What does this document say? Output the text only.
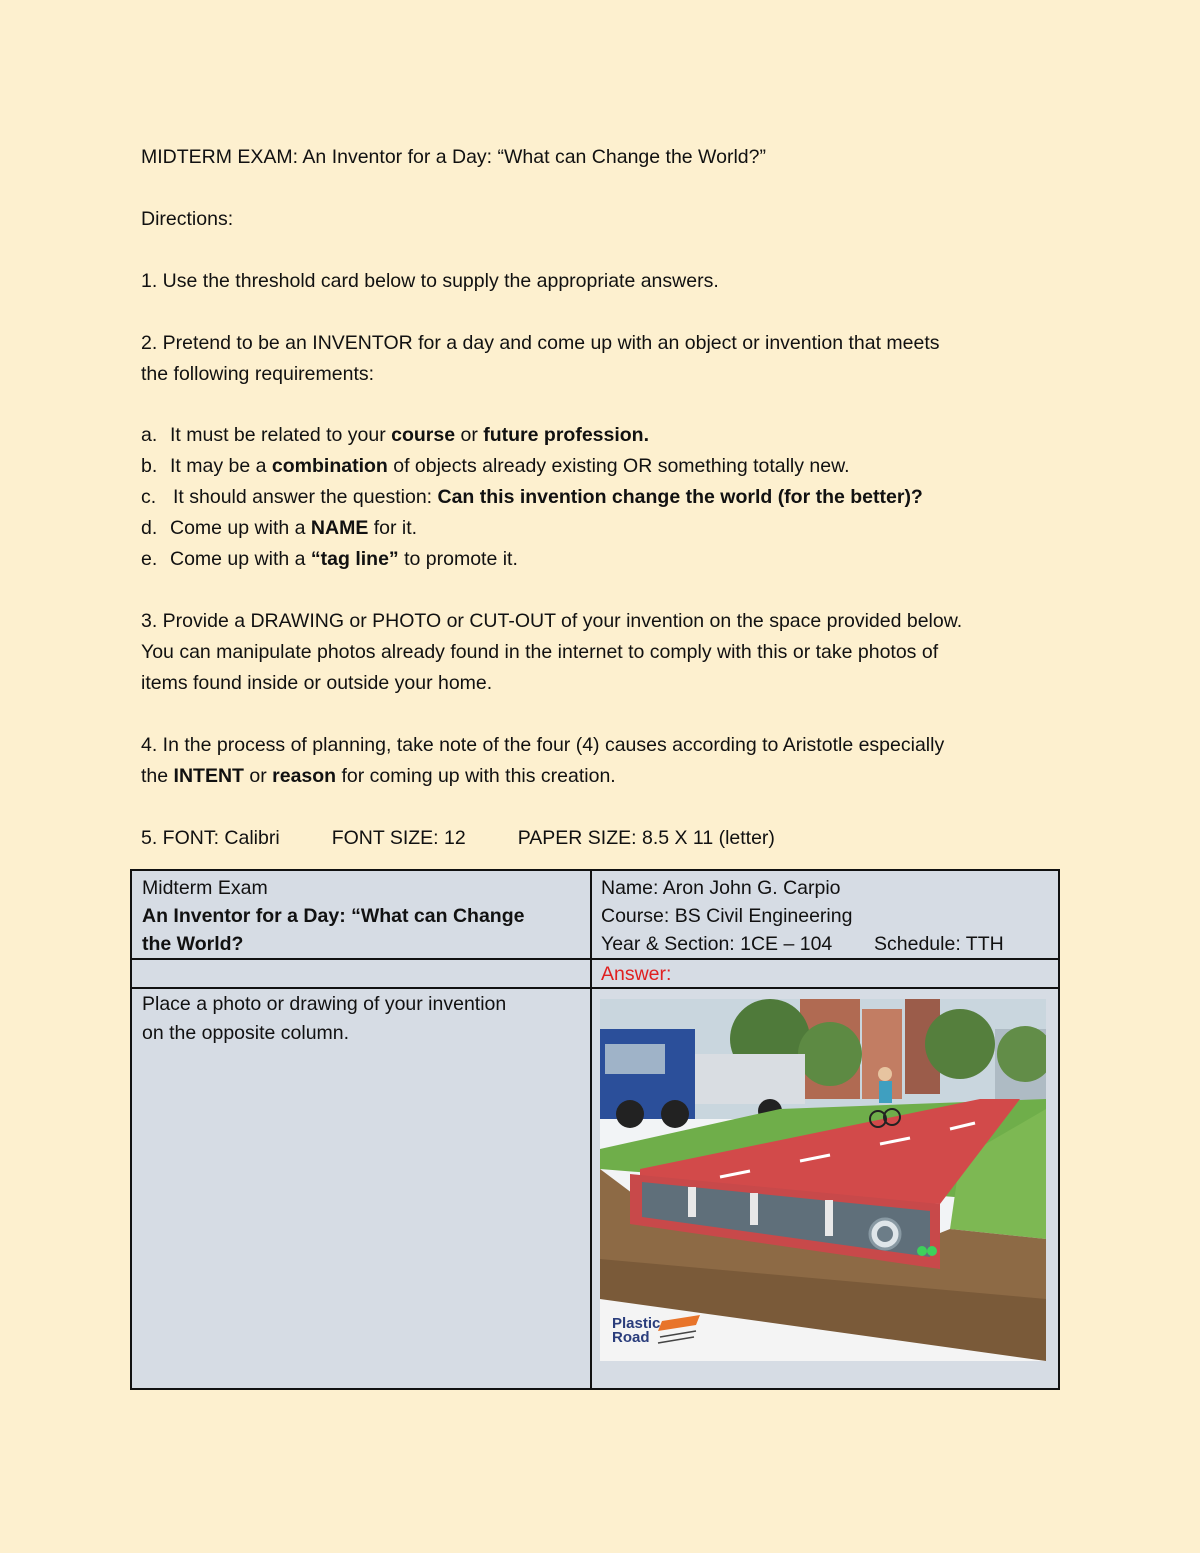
MIDTERM EXAM: An Inventor for a Day: “What can Change the World?”
Directions:
1. Use the threshold card below to supply the appropriate answers.
2. Pretend to be an INVENTOR for a day and come up with an object or invention that meets
the following requirements:
a. It must be related to your course or future profession.
b. It may be a combination of objects already existing OR something totally new.
c. It should answer the question: Can this invention change the world (for the better)?
d. Come up with a NAME for it.
e. Come up with a “tag line” to promote it.
3. Provide a DRAWING or PHOTO or CUT-OUT of your invention on the space provided below.
You can manipulate photos already found in the internet to comply with this or take photos of
items found inside or outside your home.
4. In the process of planning, take note of the four (4) causes according to Aristotle especially
the INTENT or reason for coming up with this creation.
5. FONT: Calibri	FONT SIZE: 12	PAPER SIZE: 8.5 X 11 (letter)
Midterm Exam
An Inventor for a Day: “What can Change
the World?
Name: Aron John G. Carpio
Course: BS Civil Engineering
Year & Section: 1CE – 104 Schedule: TTH
Answer:
Place a photo or drawing of your invention
on the opposite column.
Plastic
Road
